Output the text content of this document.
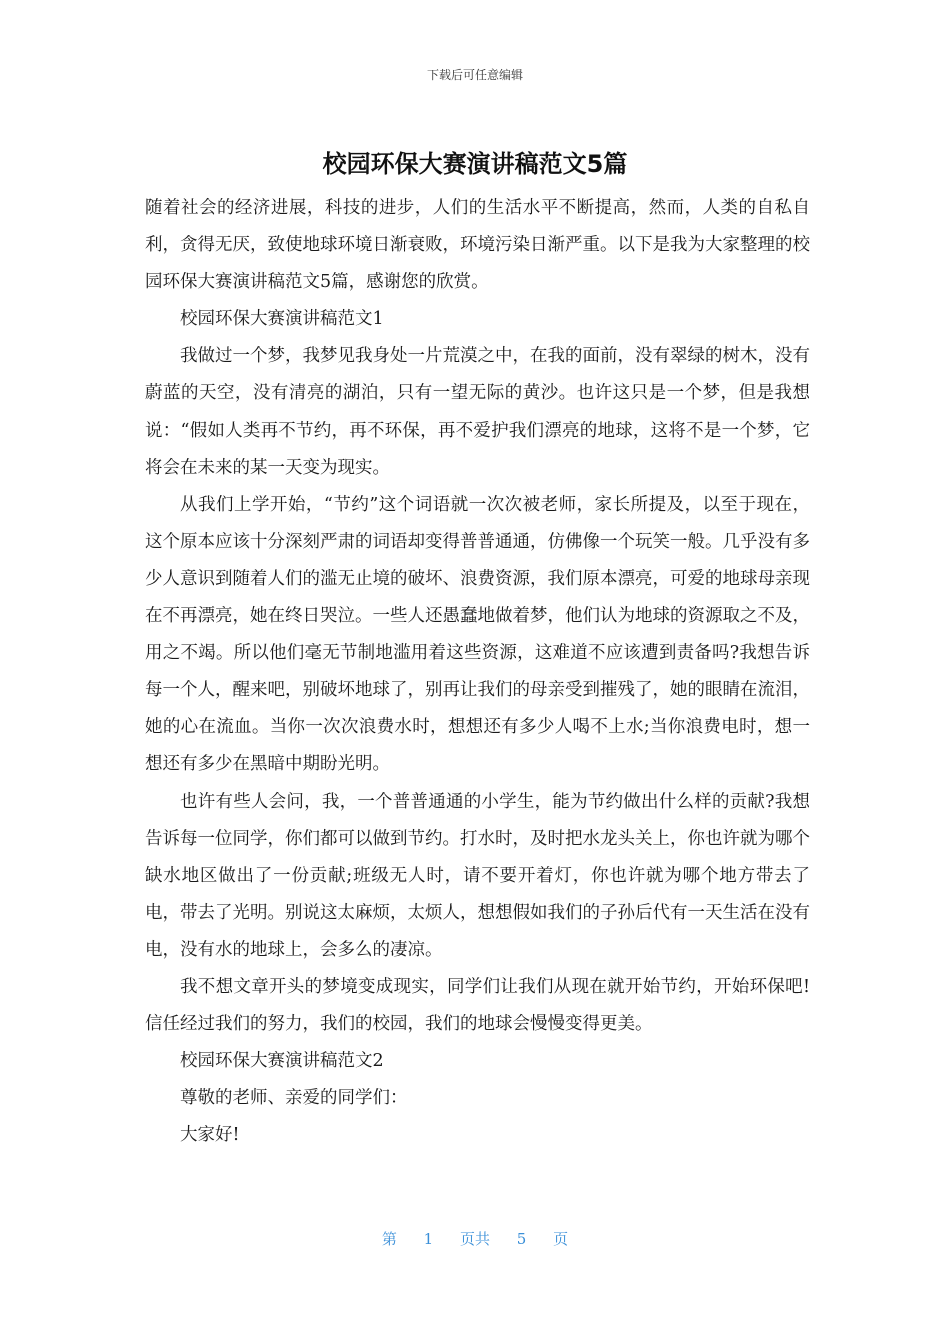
下载后可任意编辑
校园环保大赛演讲稿范文5篇

随着社会的经济进展，科技的进步，人们的生活水平不断提高，然而，人类的自私自利，贪得无厌，致使地球环境日渐衰败，环境污染日渐严重。以下是我为大家整理的校园环保大赛演讲稿范文5篇，感谢您的欣赏。

校园环保大赛演讲稿范文1

我做过一个梦，我梦见我身处一片荒漠之中，在我的面前，没有翠绿的树木，没有蔚蓝的天空，没有清亮的湖泊，只有一望无际的黄沙。也许这只是一个梦，但是我想说：“假如人类再不节约，再不环保，再不爱护我们漂亮的地球，这将不是一个梦，它将会在未来的某一天变为现实。

从我们上学开始，“节约”这个词语就一次次被老师，家长所提及，以至于现在，这个原本应该十分深刻严肃的词语却变得普普通通，仿佛像一个玩笑一般。几乎没有多少人意识到随着人们的滥无止境的破坏、浪费资源，我们原本漂亮，可爱的地球母亲现在不再漂亮，她在终日哭泣。一些人还愚蠢地做着梦，他们认为地球的资源取之不及，用之不竭。所以他们毫无节制地滥用着这些资源，这难道不应该遭到责备吗?我想告诉每一个人，醒来吧，别破坏地球了，别再让我们的母亲受到摧残了，她的眼睛在流泪，她的心在流血。当你一次次浪费水时，想想还有多少人喝不上水;当你浪费电时，想一想还有多少在黑暗中期盼光明。

也许有些人会问，我，一个普普通通的小学生，能为节约做出什么样的贡献?我想告诉每一位同学，你们都可以做到节约。打水时，及时把水龙头关上，你也许就为哪个缺水地区做出了一份贡献;班级无人时，请不要开着灯，你也许就为哪个地方带去了电，带去了光明。别说这太麻烦，太烦人，想想假如我们的子孙后代有一天生活在没有电，没有水的地球上，会多么的凄凉。

我不想文章开头的梦境变成现实，同学们让我们从现在就开始节约，开始环保吧!信任经过我们的努力，我们的校园，我们的地球会慢慢变得更美。

校园环保大赛演讲稿范文2

尊敬的老师、亲爱的同学们：

大家好!

第 1 页共 5 页
